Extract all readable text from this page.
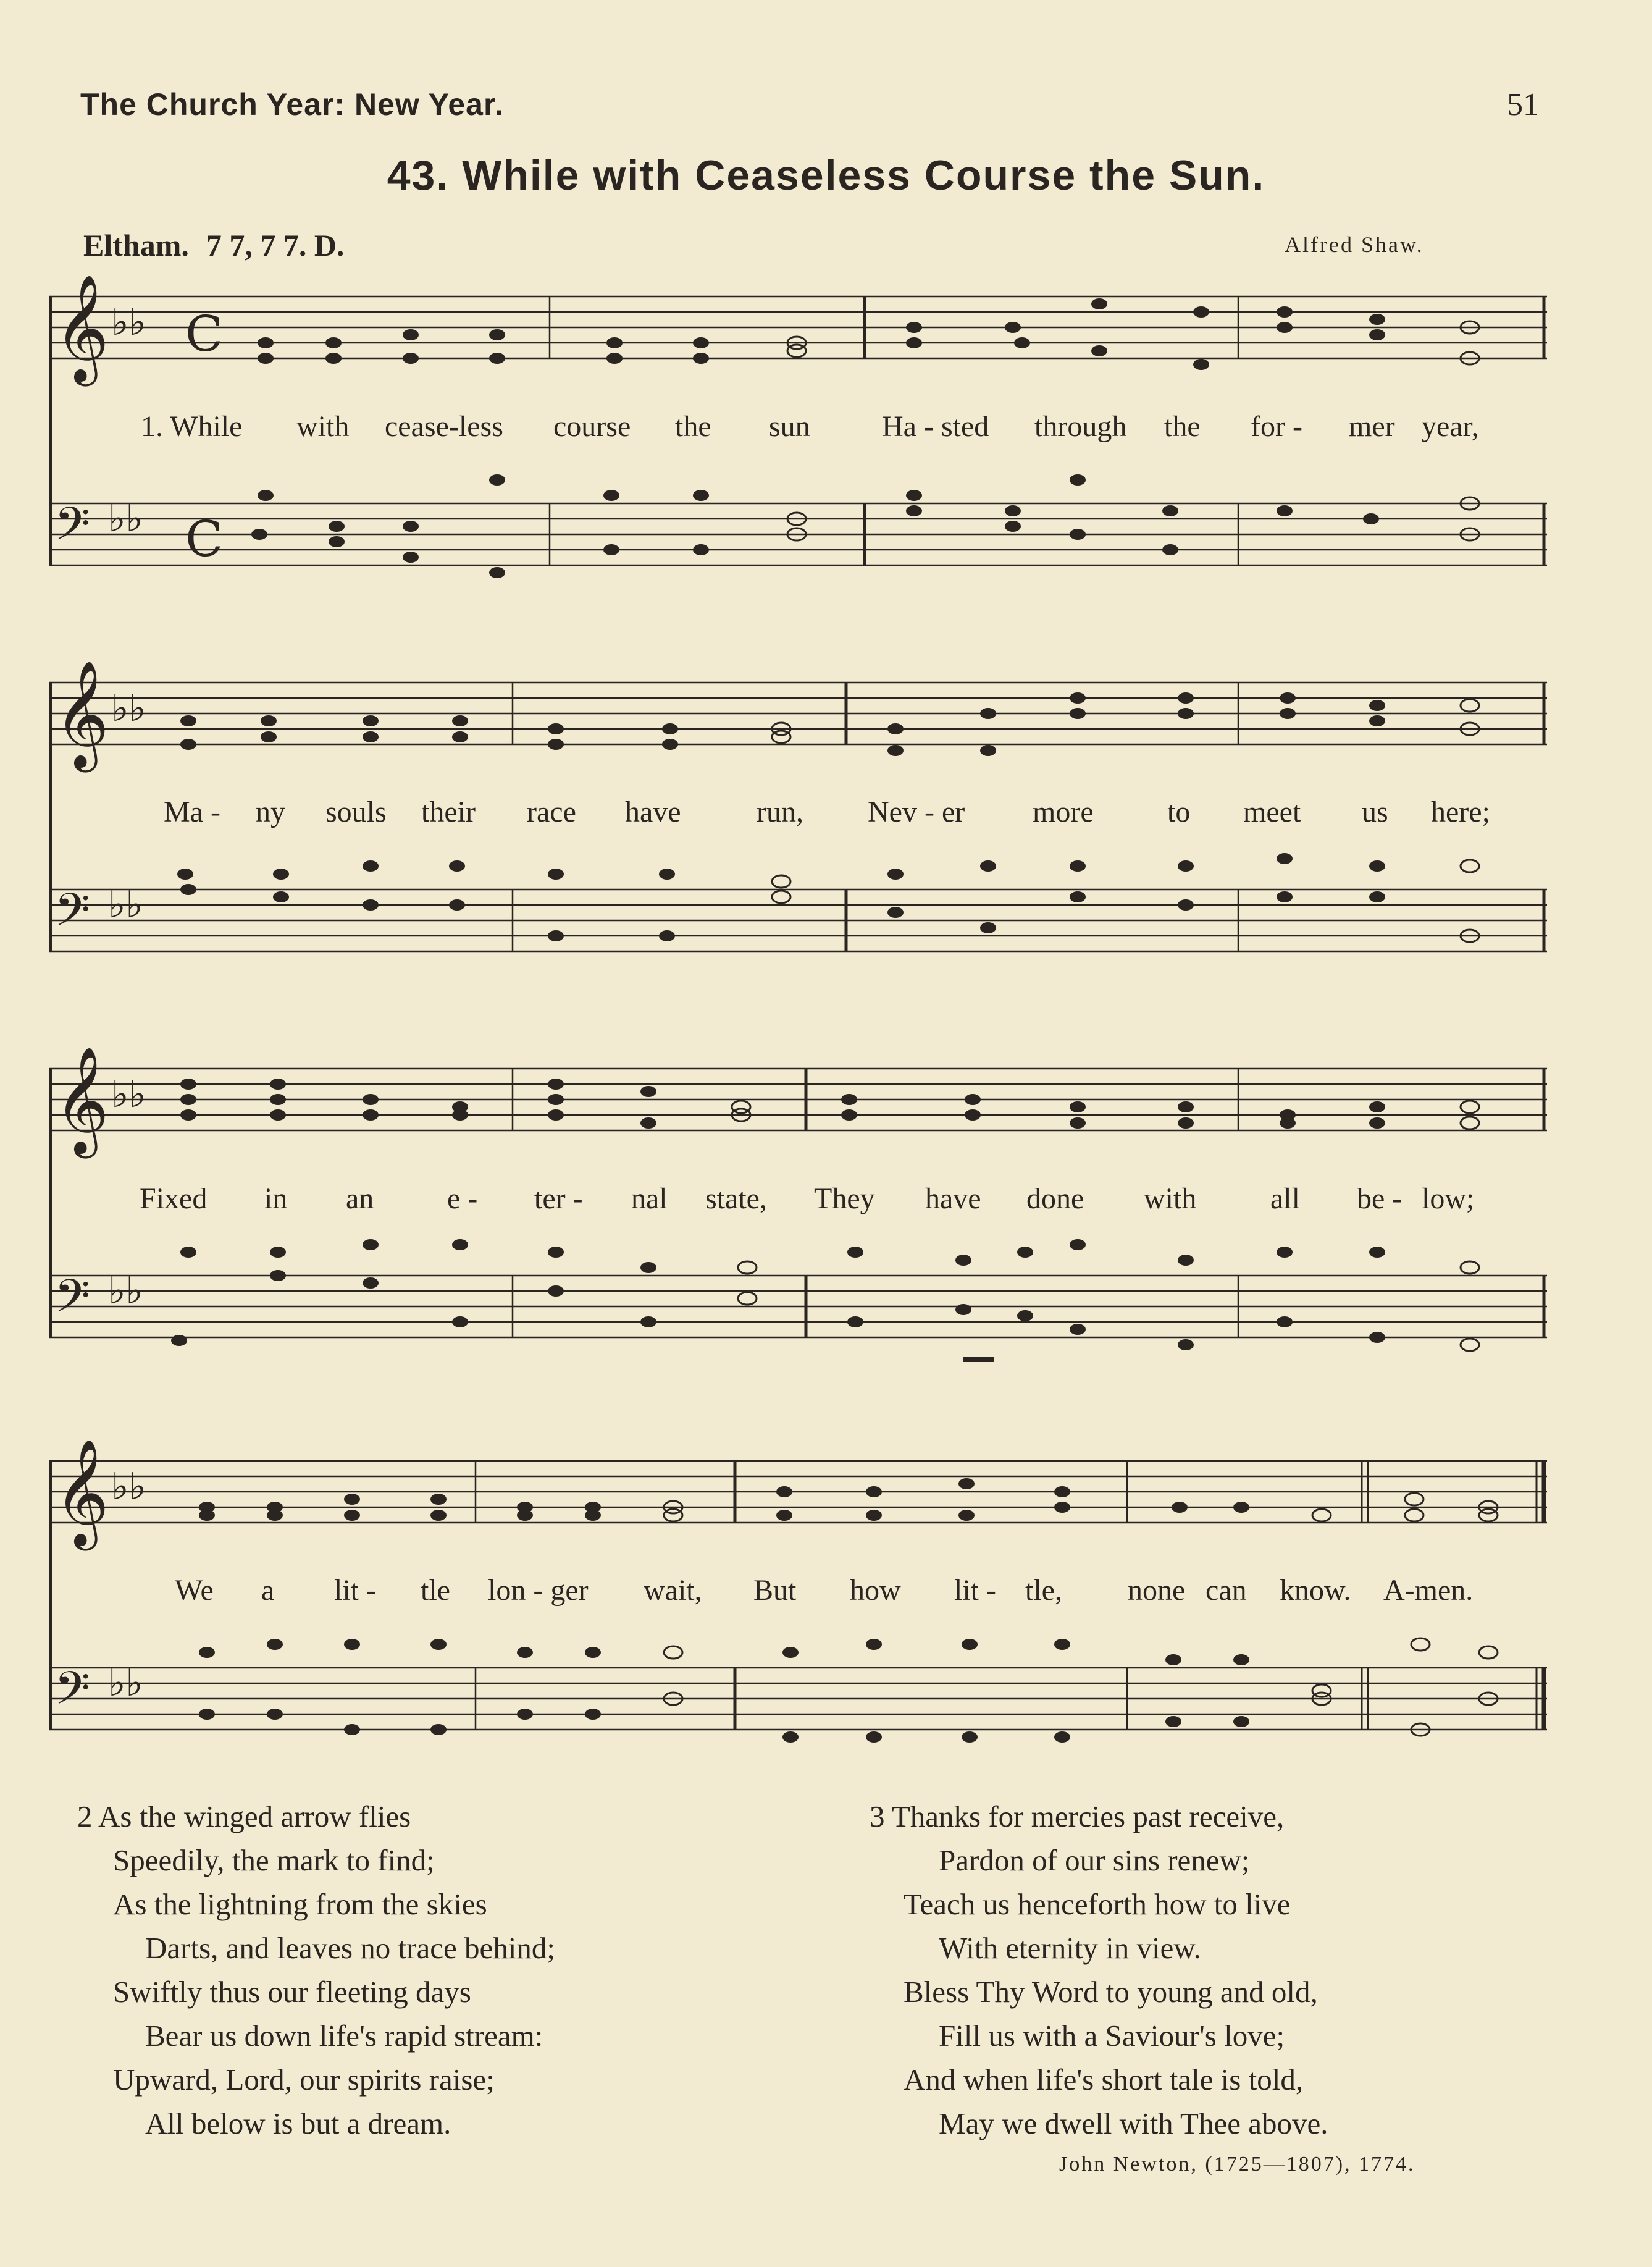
The Church Year: New Year.	51
43. While with Ceaseless Course the Sun.
Eltham. 7 7, 7 7. D.	Alfred Shaw.
𝄞
𝄢
♭♭
♭♭
C
C
1. While with cease-less course the sun Ha - sted through the for - mer year,
𝄞
𝄢
♭♭
♭♭
Ma - ny souls their race have	run, Nev - er more to meet us here;
𝄞
𝄢
♭♭
♭♭
Fixed in an e - ter - nal state, They have done with all be - low;
𝄞
𝄢
♭♭
♭♭
We a lit - tle lon - ger wait, But how lit - tle, none can know. A-men.
2 As the winged arrow flies
Speedily, the mark to find;
As the lightning from the skies
Darts, and leaves no trace behind;
Swiftly thus our fleeting days
Bear us down life's rapid stream:
Upward, Lord, our spirits raise;
All below is but a dream.
3 Thanks for mercies past receive,
Pardon of our sins renew;
Teach us henceforth how to live
With eternity in view.
Bless Thy Word to young and old,
Fill us with a Saviour's love;
And when life's short tale is told,
May we dwell with Thee above.
John Newton, (1725—1807), 1774.
